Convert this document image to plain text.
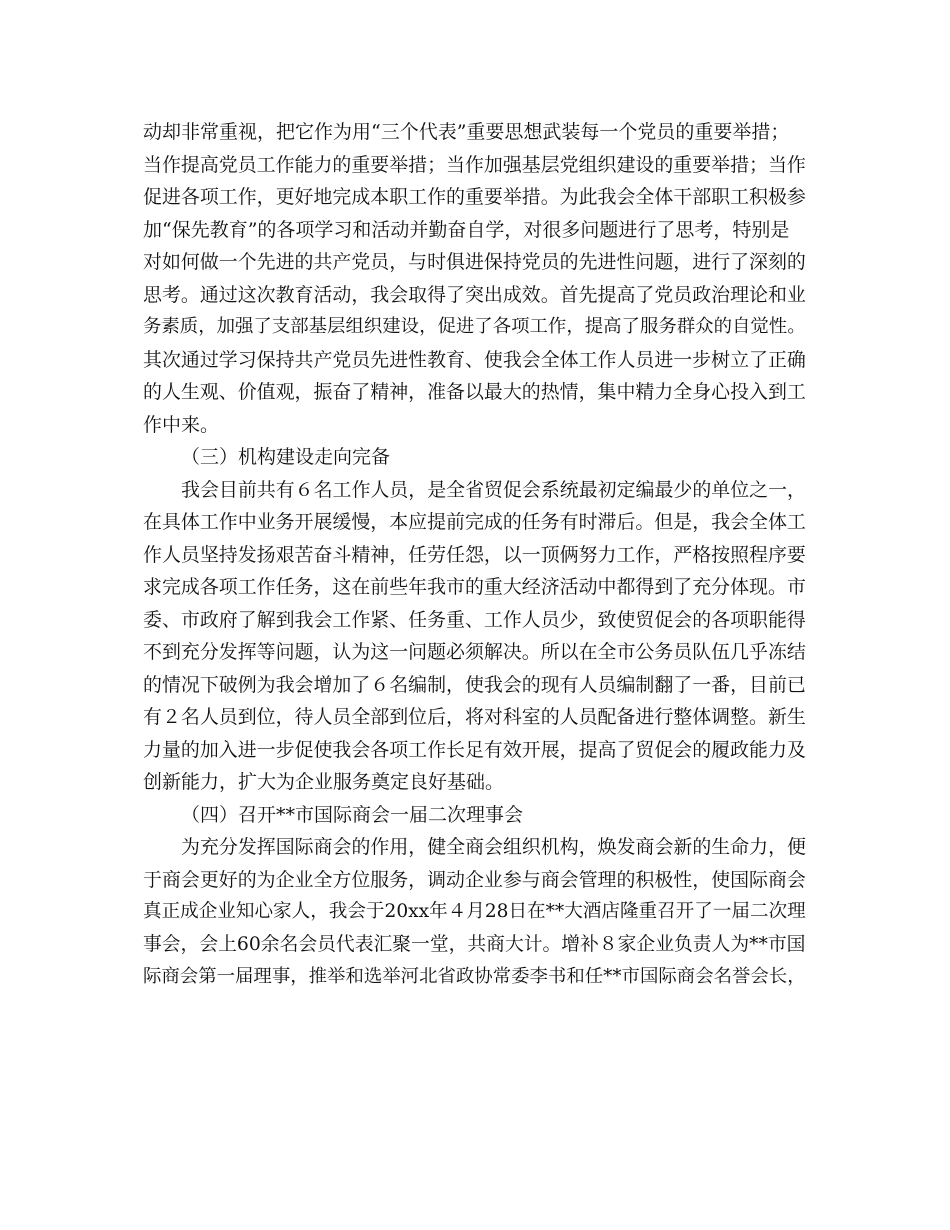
动却非常重视，把它作为用“三个代表”重要思想武装每一个党员的重要举措；
当作提高党员工作能力的重要举措；当作加强基层党组织建设的重要举措；当作
促进各项工作，更好地完成本职工作的重要举措。为此我会全体干部职工积极参
加“保先教育”的各项学习和活动并勤奋自学，对很多问题进行了思考，特别是
对如何做一个先进的共产党员，与时俱进保持党员的先进性问题，进行了深刻的
思考。通过这次教育活动，我会取得了突出成效。首先提高了党员政治理论和业
务素质，加强了支部基层组织建设，促进了各项工作，提高了服务群众的自觉性。
其次通过学习保持共产党员先进性教育、使我会全体工作人员进一步树立了正确
的人生观、价值观，振奋了精神，准备以最大的热情，集中精力全身心投入到工
作中来。
（三）机构建设走向完备
我会目前共有６名工作人员，是全省贸促会系统最初定编最少的单位之一，
在具体工作中业务开展缓慢，本应提前完成的任务有时滞后。但是，我会全体工
作人员坚持发扬艰苦奋斗精神，任劳任怨，以一顶俩努力工作，严格按照程序要
求完成各项工作任务，这在前些年我市的重大经济活动中都得到了充分体现。市
委、市政府了解到我会工作紧、任务重、工作人员少，致使贸促会的各项职能得
不到充分发挥等问题，认为这一问题必须解决。所以在全市公务员队伍几乎冻结
的情况下破例为我会增加了６名编制，使我会的现有人员编制翻了一番，目前已
有２名人员到位，待人员全部到位后，将对科室的人员配备进行整体调整。新生
力量的加入进一步促使我会各项工作长足有效开展，提高了贸促会的履政能力及
创新能力，扩大为企业服务奠定良好基础。
（四）召开**市国际商会一届二次理事会
为充分发挥国际商会的作用，健全商会组织机构，焕发商会新的生命力，便
于商会更好的为企业全方位服务，调动企业参与商会管理的积极性，使国际商会
真正成企业知心家人，我会于20xx年４月28日在**大酒店隆重召开了一届二次理
事会，会上60余名会员代表汇聚一堂，共商大计。增补８家企业负责人为**市国
际商会第一届理事，推举和选举河北省政协常委李书和任**市国际商会名誉会长，
